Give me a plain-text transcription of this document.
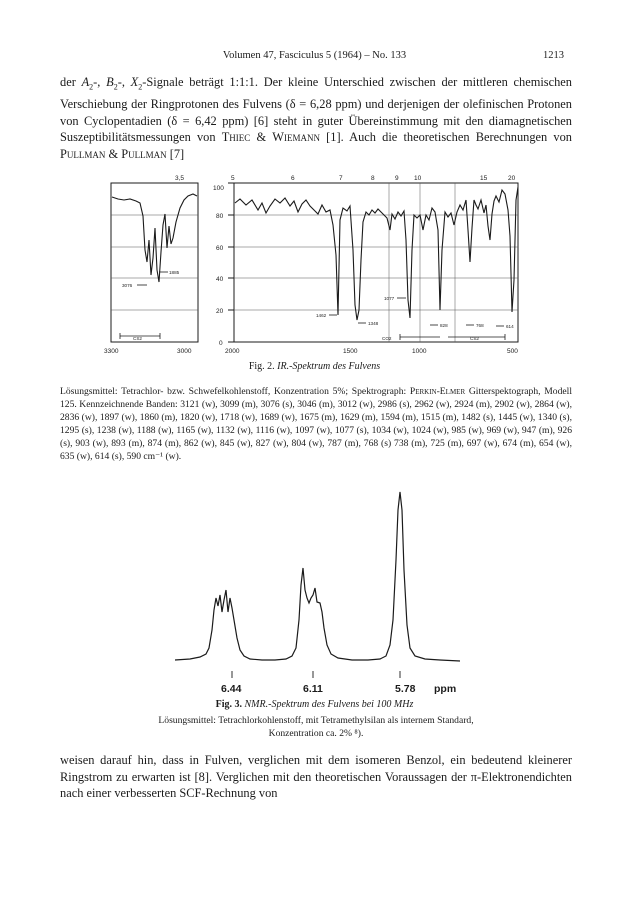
Volumen 47, Fasciculus 5 (1964) – No. 133	1213

der $A_2-$, $B_2-$, $X_2$-Signale beträgt 1:1:1. Der kleine Unterschied zwischen der mittleren chemischen Verschiebung der Ringprotonen des Fulvens (δ = 6,28 ppm) und derjenigen der olefinischen Protonen von Cyclopentadien (δ = 6,42 ppm) [6] steht in guter Übereinstimmung mit den diamagnetischen Suszeptibilitätsmessungen von Thiec & Wiemann [1]. Auch die theoretischen Berechnungen von Pullman & Pullman [7]

3,5	5	6	7	8	9 10	15	20
100
80
60
40
20
0
3300	3000	2000	1500	1000	500
1885
3076
1077
1462
1348	828	768	614
CS2	CO2	CS2
6.44	6.11	5.78 ppm
Fig. 2. IR.-Spektrum des Fulvens
Lösungsmittel: Tetrachlor- bzw. Schwefelkohlenstoff, Konzentration 5%; Spektrograph: Perkin-Elmer Gitterspektograph, Modell 125. Kennzeichnende Banden: 3121 (w), 3099 (m), 3076 (s), 3046 (m), 3012 (w), 2986 (s), 2962 (w), 2924 (m), 2902 (w), 2864 (w), 2836 (w), 1897 (w), 1860 (m), 1820 (w), 1718 (w), 1689 (w), 1675 (m), 1629 (m), 1594 (m), 1515 (m), 1482 (s), 1445 (w), 1340 (s), 1295 (s), 1238 (w), 1188 (w), 1165 (w), 1132 (w), 1116 (w), 1097 (w), 1077 (s), 1034 (w), 1024 (w), 985 (w), 969 (w), 947 (m), 926 (s), 903 (w), 893 (m), 874 (m), 862 (w), 845 (w), 827 (w), 804 (w), 787 (m), 768 (s) 738 (m), 725 (m), 697 (w), 674 (m), 654 (w), 635 (w), 614 (s), 590 cm⁻¹ (w).
Fig. 3. NMR.-Spektrum des Fulvens bei 100 MHz
Lösungsmittel: Tetrachlorkohlenstoff, mit Tetramethylsilan als internem Standard,
Konzentration ca. 2% ⁸).

weisen darauf hin, dass in Fulven, verglichen mit dem isomeren Benzol, ein bedeutend kleinerer Ringstrom zu erwarten ist [8]. Verglichen mit den theoretischen Voraussagen der π-Elektronendichten nach einer verbesserten SCF-Rechnung von
